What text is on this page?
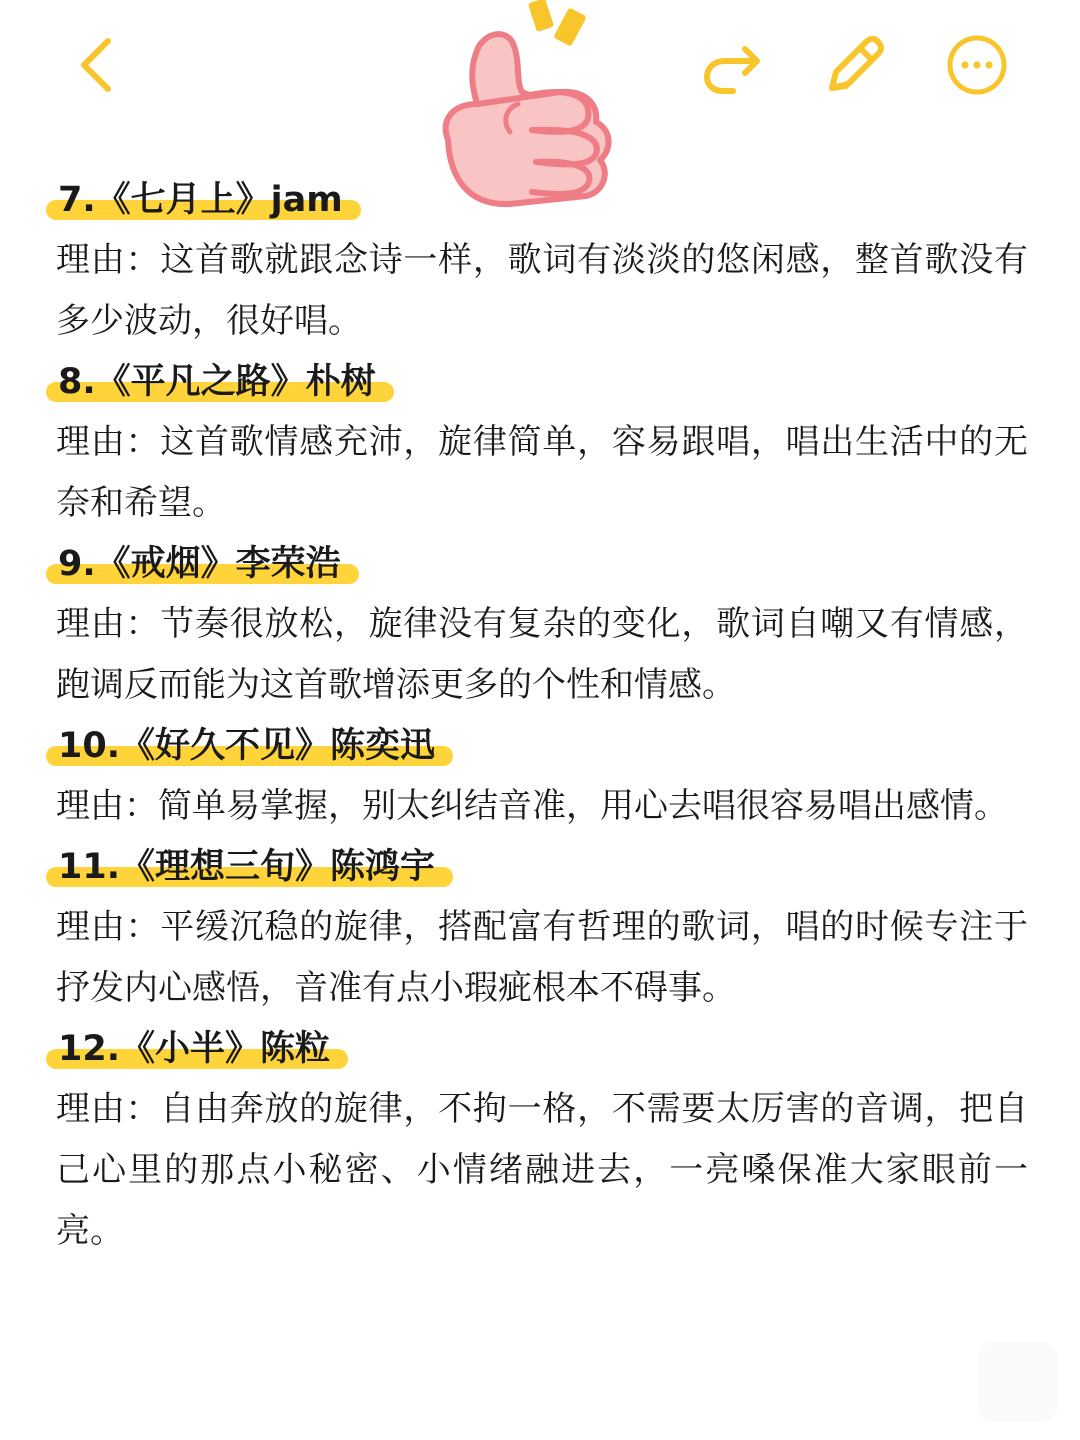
7.《七月上》jam

理由：这首歌就跟念诗一样，歌词有淡淡的悠闲感，整首歌没有多少波动，很好唱。

8.《平凡之路》朴树

理由：这首歌情感充沛，旋律简单，容易跟唱，唱出生活中的无奈和希望。

9.《戒烟》李荣浩

理由：节奏很放松，旋律没有复杂的变化，歌词自嘲又有情感，跑调反而能为这首歌增添更多的个性和情感。

10.《好久不见》陈奕迅

理由：简单易掌握，别太纠结音准，用心去唱很容易唱出感情。

11.《理想三旬》陈鸿宇

理由：平缓沉稳的旋律，搭配富有哲理的歌词，唱的时候专注于抒发内心感悟，音准有点小瑕疵根本不碍事。

12.《小半》陈粒

理由：自由奔放的旋律，不拘一格，不需要太厉害的音调，把自己心里的那点小秘密、小情绪融进去，一亮嗓保准大家眼前一亮。
